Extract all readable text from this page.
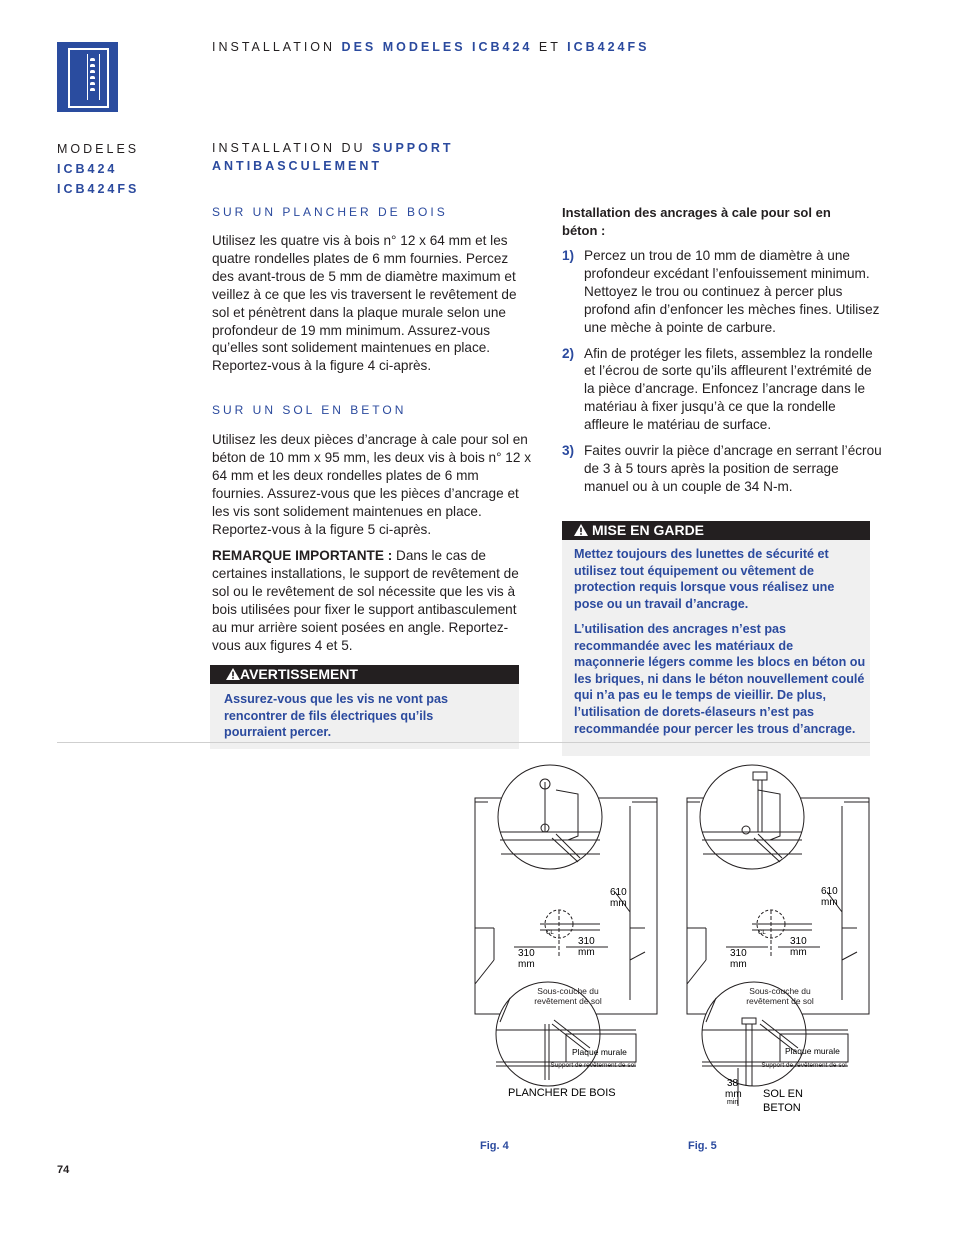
INSTALLATION DES MODELES ICB424 ET ICB424FS
MODELES
ICB424
ICB424FS
INSTALLATION DU SUPPORT
ANTIBASCULEMENT
SUR UN PLANCHER DE BOIS
Utilisez les quatre vis à bois n° 12 x 64 mm et les quatre rondelles plates de 6 mm fournies. Percez des avant-trous de 5 mm de diamètre maximum et veillez à ce que les vis traversent le revêtement de sol et pénètrent dans la plaque murale selon une profondeur de 19 mm minimum. Assurez-vous qu’elles sont solidement maintenues en place. Reportez-vous à la figure 4 ci-après.
SUR UN SOL EN BETON
Utilisez les deux pièces d’ancrage à cale pour sol en béton de 10 mm x 95 mm, les deux vis à bois n° 12 x 64 mm et les deux rondelles plates de 6 mm fournies. Assurez-vous que les pièces d’ancrage et les vis sont solidement maintenues en place. Reportez-vous à la figure 5 ci-après.
REMARQUE IMPORTANTE : Dans le cas de certaines installations, le support de revêtement de sol ou le revêtement de sol nécessite que les vis à bois utilisées pour fixer le support antibasculement au mur arrière soient posées en angle. Reportez-vous aux figures 4 et 5.
AVERTISSEMENT
Assurez-vous que les vis ne vont pas rencontrer de fils électriques qu’ils pourraient percer.
Installation des ancrages à cale pour sol en béton :
1) Percez un trou de 10 mm de diamètre à une profondeur excédant l’enfouissement minimum. Nettoyez le trou ou continuez à percer plus profond afin d’enfoncer les mèches fines. Utilisez une mèche à pointe de carbure.
2) Afin de protéger les filets, assemblez la rondelle et l’écrou de sorte qu’ils affleurent l’extrémité de la pièce d’ancrage. Enfoncez l’ancrage dans le matériau à fixer jusqu’à ce que la rondelle affleure le matériau de surface.
3) Faites ouvrir la pièce d’ancrage en serrant l’écrou de 3 à 5 tours après la position de serrage manuel ou à un couple de 34 N-m.
MISE EN GARDE
Mettez toujours des lunettes de sécurité et utilisez tout équipement ou vêtement de protection requis lorsque vous réalisez une pose ou un travail d’ancrage.
L’utilisation des ancrages n’est pas recommandée avec les matériaux de maçonnerie légers comme les blocs en béton ou les briques, ni dans le béton nouvellement coulé qui n’a pas eu le temps de vieillir. De plus, l’utilisation de dorets-élaseurs n’est pas recommandée pour percer les trous d’ancrage.
610
mm
310
mm
310
mm
CL
Sous-couche du revêtement de sol
Plaque murale
Support de revêtement de sol
PLANCHER DE BOIS
Fig. 4
610
mm
310
mm
310
mm
CL
Sous-couche du revêtement de sol
Plaque murale
Support de revêtement de sol
38
mm
min
SOL EN
BETON
Fig. 5
74
